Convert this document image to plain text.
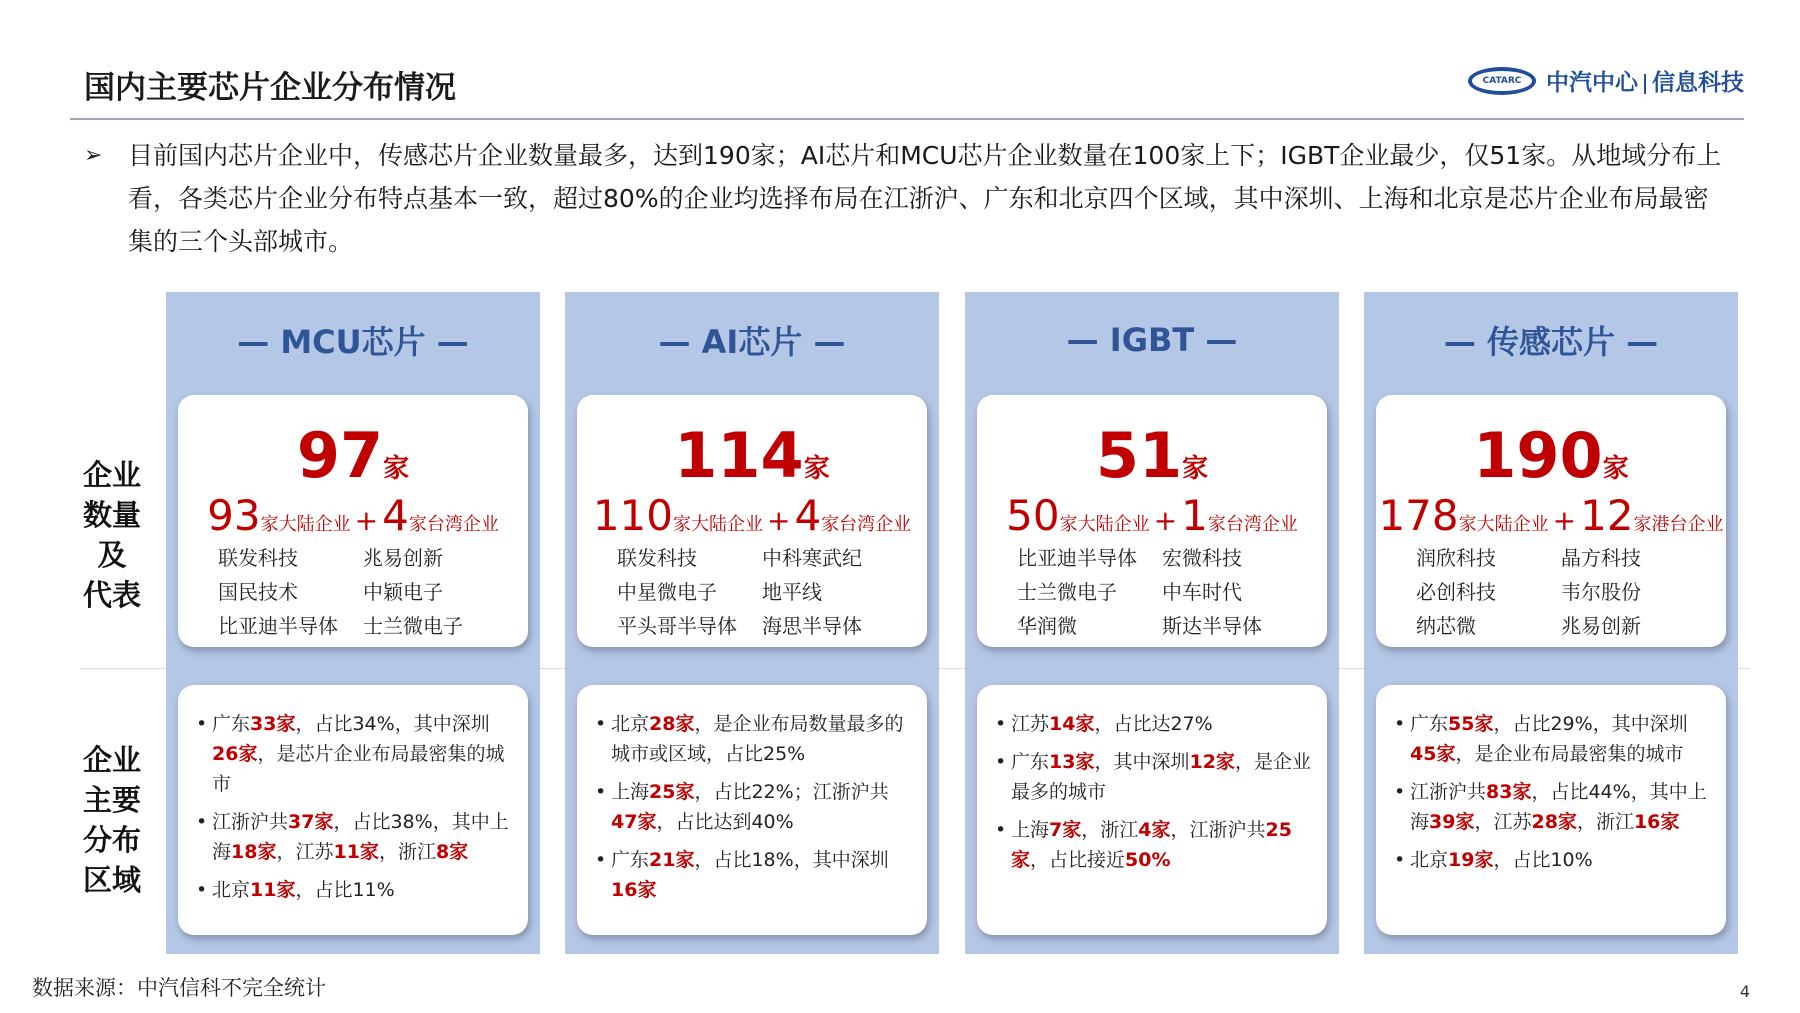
国内主要芯片企业分布情况	CATARC	中汽中心 信息科技
➢	目前国内芯片企业中，传感芯片企业数量最多，达到190家；AI芯片和MCU芯片企业数量在100家上下；IGBT企业最少，仅51家。从地域分布上看，各类芯片企业分布特点基本一致，超过80%的企业均选择布局在江浙沪、广东和北京四个区域，其中深圳、上海和北京是芯片企业布局最密集的三个头部城市。
企业
数量
及
代表
企业
主要
分布
区域
— MCU芯片 —
97家
93家大陆企业 +4家台湾企业
联发科技	兆易创新
国民技术	中颖电子
比亚迪半导体	士兰微电子
• 广东33家，占比34%，其中深圳26家，是芯片企业布局最密集的城市
• 江浙沪共37家，占比38%，其中上海18家，江苏11家，浙江8家
• 北京11家，占比11%
— AI芯片 —
114家
110家大陆企业 +4家台湾企业
联发科技	中科寒武纪
中星微电子	地平线
平头哥半导体	海思半导体
• 北京28家，是企业布局数量最多的城市或区域，占比25%
• 上海25家，占比22%；江浙沪共47家，占比达到40%
• 广东21家，占比18%，其中深圳16家
— IGBT —
51家
50家大陆企业 +1家台湾企业
比亚迪半导体	宏微科技
士兰微电子	中车时代
华润微	斯达半导体
• 江苏14家，占比达27%
• 广东13家，其中深圳12家，是企业最多的城市
• 上海7家，浙江4家，江浙沪共25家，占比接近50%
— 传感芯片 —
190家
178家大陆企业 +12家港台企业
润欣科技	晶方科技
必创科技	韦尔股份
纳芯微	兆易创新
• 广东55家，占比29%，其中深圳45家，是企业布局最密集的城市
• 江浙沪共83家，占比44%，其中上海39家，江苏28家，浙江16家
• 北京19家，占比10%
数据来源：中汽信科不完全统计	4
